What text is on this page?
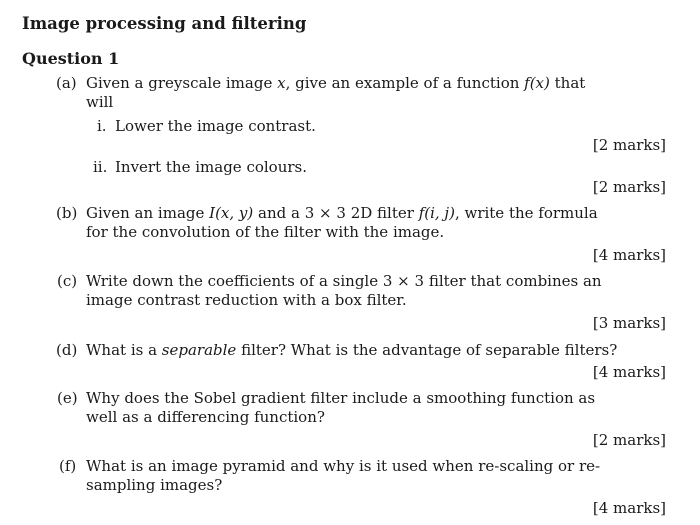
Image processing and filtering
Question 1
(a) Given a greyscale image x, give an example of a function f(x) that
will
i. Lower the image contrast.
[2 marks]
ii. Invert the image colours.
[2 marks]
(b) Given an image I(x, y) and a 3 × 3 2D filter f(i, j), write the formula
for the convolution of the filter with the image.
[4 marks]
(c) Write down the coefficients of a single 3 × 3 filter that combines an
image contrast reduction with a box filter.
[3 marks]
(d) What is a separable filter? What is the advantage of separable filters?
[4 marks]
(e) Why does the Sobel gradient filter include a smoothing function as
well as a differencing function?
[2 marks]
(f) What is an image pyramid and why is it used when re-scaling or re-
sampling images?
[4 marks]
